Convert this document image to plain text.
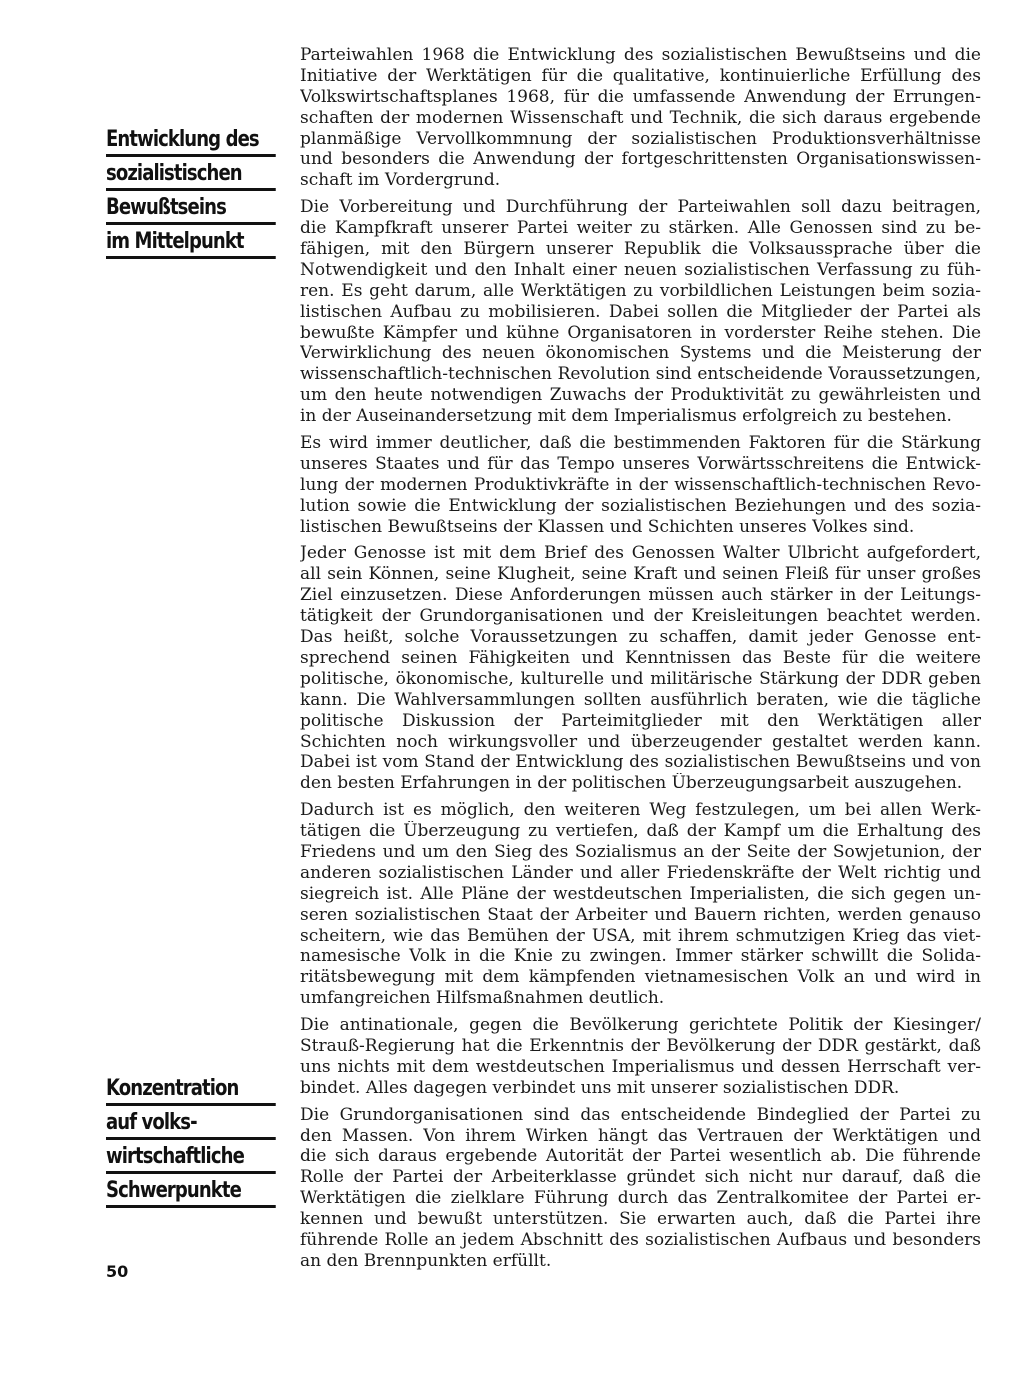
Entwicklung des
sozialistischen
Bewußtseins
im Mittelpunkt
Konzentration
auf volks-
wirtschaftliche
Schwerpunkte
Parteiwahlen 1968 die Entwicklung des sozialistischen Bewußtseins und die
Initiative der Werktätigen für die qualitative, kontinuierliche Erfüllung des
Volkswirtschaftsplanes 1968, für die umfassende Anwendung der Errungen-
schaften der modernen Wissenschaft und Technik, die sich daraus ergebende
planmäßige Vervollkommnung der sozialistischen Produktionsverhältnisse
und besonders die Anwendung der fortgeschrittensten Organisationswissen-
schaft im Vordergrund.
Die Vorbereitung und Durchführung der Parteiwahlen soll dazu beitragen,
die Kampfkraft unserer Partei weiter zu stärken. Alle Genossen sind zu be-
fähigen, mit den Bürgern unserer Republik die Volksaussprache über die
Notwendigkeit und den Inhalt einer neuen sozialistischen Verfassung zu füh-
ren. Es geht darum, alle Werktätigen zu vorbildlichen Leistungen beim sozia-
listischen Aufbau zu mobilisieren. Dabei sollen die Mitglieder der Partei als
bewußte Kämpfer und kühne Organisatoren in vorderster Reihe stehen. Die
Verwirklichung des neuen ökonomischen Systems und die Meisterung der
wissenschaftlich-technischen Revolution sind entscheidende Voraussetzungen,
um den heute notwendigen Zuwachs der Produktivität zu gewährleisten und
in der Auseinandersetzung mit dem Imperialismus erfolgreich zu bestehen.
Es wird immer deutlicher, daß die bestimmenden Faktoren für die Stärkung
unseres Staates und für das Tempo unseres Vorwärtsschreitens die Entwick-
lung der modernen Produktivkräfte in der wissenschaftlich-technischen Revo-
lution sowie die Entwicklung der sozialistischen Beziehungen und des sozia-
listischen Bewußtseins der Klassen und Schichten unseres Volkes sind.
Jeder Genosse ist mit dem Brief des Genossen Walter Ulbricht aufgefordert,
all sein Können, seine Klugheit, seine Kraft und seinen Fleiß für unser großes
Ziel einzusetzen. Diese Anforderungen müssen auch stärker in der Leitungs-
tätigkeit der Grundorganisationen und der Kreisleitungen beachtet werden.
Das heißt, solche Voraussetzungen zu schaffen, damit jeder Genosse ent-
sprechend seinen Fähigkeiten und Kenntnissen das Beste für die weitere
politische, ökonomische, kulturelle und militärische Stärkung der DDR geben
kann. Die Wahlversammlungen sollten ausführlich beraten, wie die tägliche
politische Diskussion der Parteimitglieder mit den Werktätigen aller
Schichten noch wirkungsvoller und überzeugender gestaltet werden kann.
Dabei ist vom Stand der Entwicklung des sozialistischen Bewußtseins und von
den besten Erfahrungen in der politischen Überzeugungsarbeit auszugehen.
Dadurch ist es möglich, den weiteren Weg festzulegen, um bei allen Werk-
tätigen die Überzeugung zu vertiefen, daß der Kampf um die Erhaltung des
Friedens und um den Sieg des Sozialismus an der Seite der Sowjetunion, der
anderen sozialistischen Länder und aller Friedenskräfte der Welt richtig und
siegreich ist. Alle Pläne der westdeutschen Imperialisten, die sich gegen un-
seren sozialistischen Staat der Arbeiter und Bauern richten, werden genauso
scheitern, wie das Bemühen der USA, mit ihrem schmutzigen Krieg das viet-
namesische Volk in die Knie zu zwingen. Immer stärker schwillt die Solida-
ritätsbewegung mit dem kämpfenden vietnamesischen Volk an und wird in
umfangreichen Hilfsmaßnahmen deutlich.
Die antinationale, gegen die Bevölkerung gerichtete Politik der Kiesinger/
Strauß-Regierung hat die Erkenntnis der Bevölkerung der DDR gestärkt, daß
uns nichts mit dem westdeutschen Imperialismus und dessen Herrschaft ver-
bindet. Alles dagegen verbindet uns mit unserer sozialistischen DDR.
Die Grundorganisationen sind das entscheidende Bindeglied der Partei zu
den Massen. Von ihrem Wirken hängt das Vertrauen der Werktätigen und
die sich daraus ergebende Autorität der Partei wesentlich ab. Die führende
Rolle der Partei der Arbeiterklasse gründet sich nicht nur darauf, daß die
Werktätigen die zielklare Führung durch das Zentralkomitee der Partei er-
kennen und bewußt unterstützen. Sie erwarten auch, daß die Partei ihre
führende Rolle an jedem Abschnitt des sozialistischen Aufbaus und besonders
an den Brennpunkten erfüllt.
50
